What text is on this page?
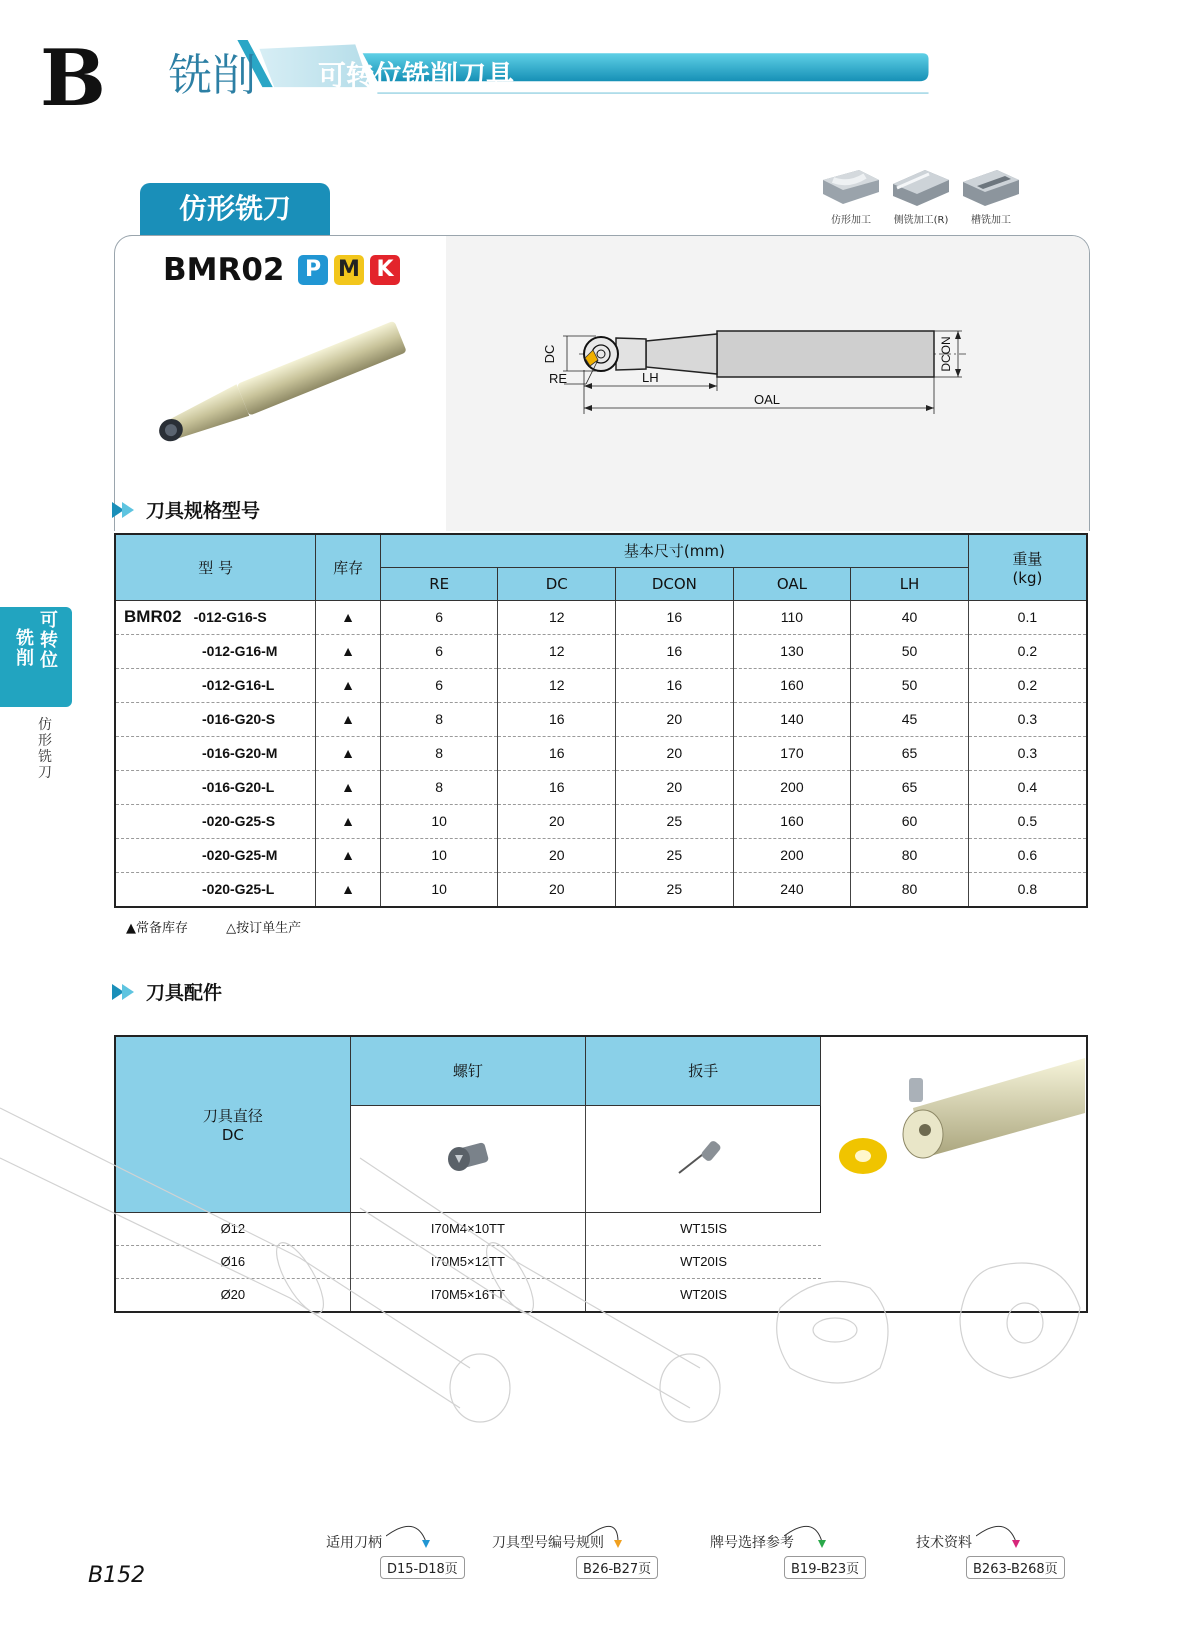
B 铣削 可转位铣削刀具
铣削
可转位
仿形铣刀
仿形加工	侧铣加工(R)	槽铣加工
仿形铣刀
DC
RE	LH
OAL
DCON
BMR02 P M K
刀具规格型号
型 号	库存	基本尺寸(mm)					重量
(kg)

		RE	DC	DCON	OAL	LH	
BMR02 -012-G16-S	▲	6	12	16	110	40	0.1
-012-G16-M	▲	6	12	16	130	50	0.2
-012-G16-L	▲	6	12	16	160	50	0.2
-016-G20-S	▲	8	16	20	140	45	0.3
-016-G20-M	▲	8	16	20	170	65	0.3
-016-G20-L	▲	8	16	20	200	65	0.4
-020-G25-S	▲	10	20	25	160	60	0.5
-020-G25-M	▲	10	20	25	200	80	0.6
-020-G25-L	▲	10	20	25	240	80	0.8
▲常备库存	△按订单生产
刀具配件
刀具直径
DC	螺钉	扳手	

Ø12	I70M4×10TT	WT15IS	
Ø16	I70M5×12TT	WT20IS	
Ø20	I70M5×16TT	WT20IS	
适用刀柄
D15-D18页
刀具型号编号规则
B26-B27页
牌号选择参考
B19-B23页
技术资料
B263-B268页
B152
